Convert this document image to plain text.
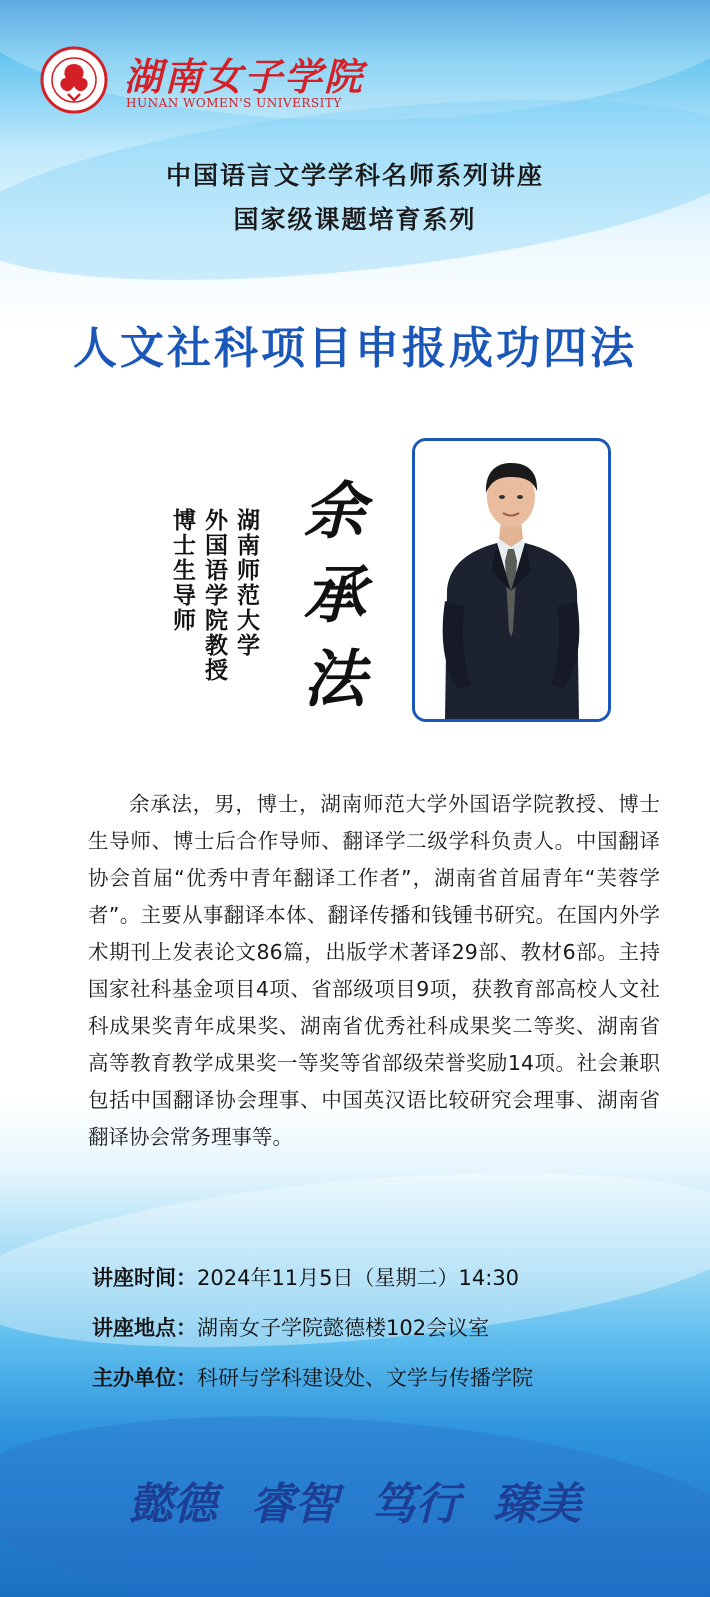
湖南女子学院
HUNAN WOMEN'S UNIVERSITY
中国语言文学学科名师系列讲座
国家级课题培育系列
人文社科项目申报成功四法
博士生导师 外国语学院教授 湖南师范大学 余承法
余承法，男，博士，湖南师范大学外国语学院教授、博士生导师、博士后合作导师、翻译学二级学科负责人。中国翻译协会首届“优秀中青年翻译工作者”，湖南省首届青年“芙蓉学者”。主要从事翻译本体、翻译传播和钱锺书研究。在国内外学术期刊上发表论文86篇，出版学术著译29部、教材6部。主持国家社科基金项目4项、省部级项目9项，获教育部高校人文社科成果奖青年成果奖、湖南省优秀社科成果奖二等奖、湖南省高等教育教学成果奖一等奖等省部级荣誉奖励14项。社会兼职包括中国翻译协会理事、中国英汉语比较研究会理事、湖南省翻译协会常务理事等。
讲座时间：2024年11月5日（星期二）14:30
讲座地点：湖南女子学院懿德楼102会议室
主办单位：科研与学科建设处、文学与传播学院
懿德 睿智 笃行 臻美
